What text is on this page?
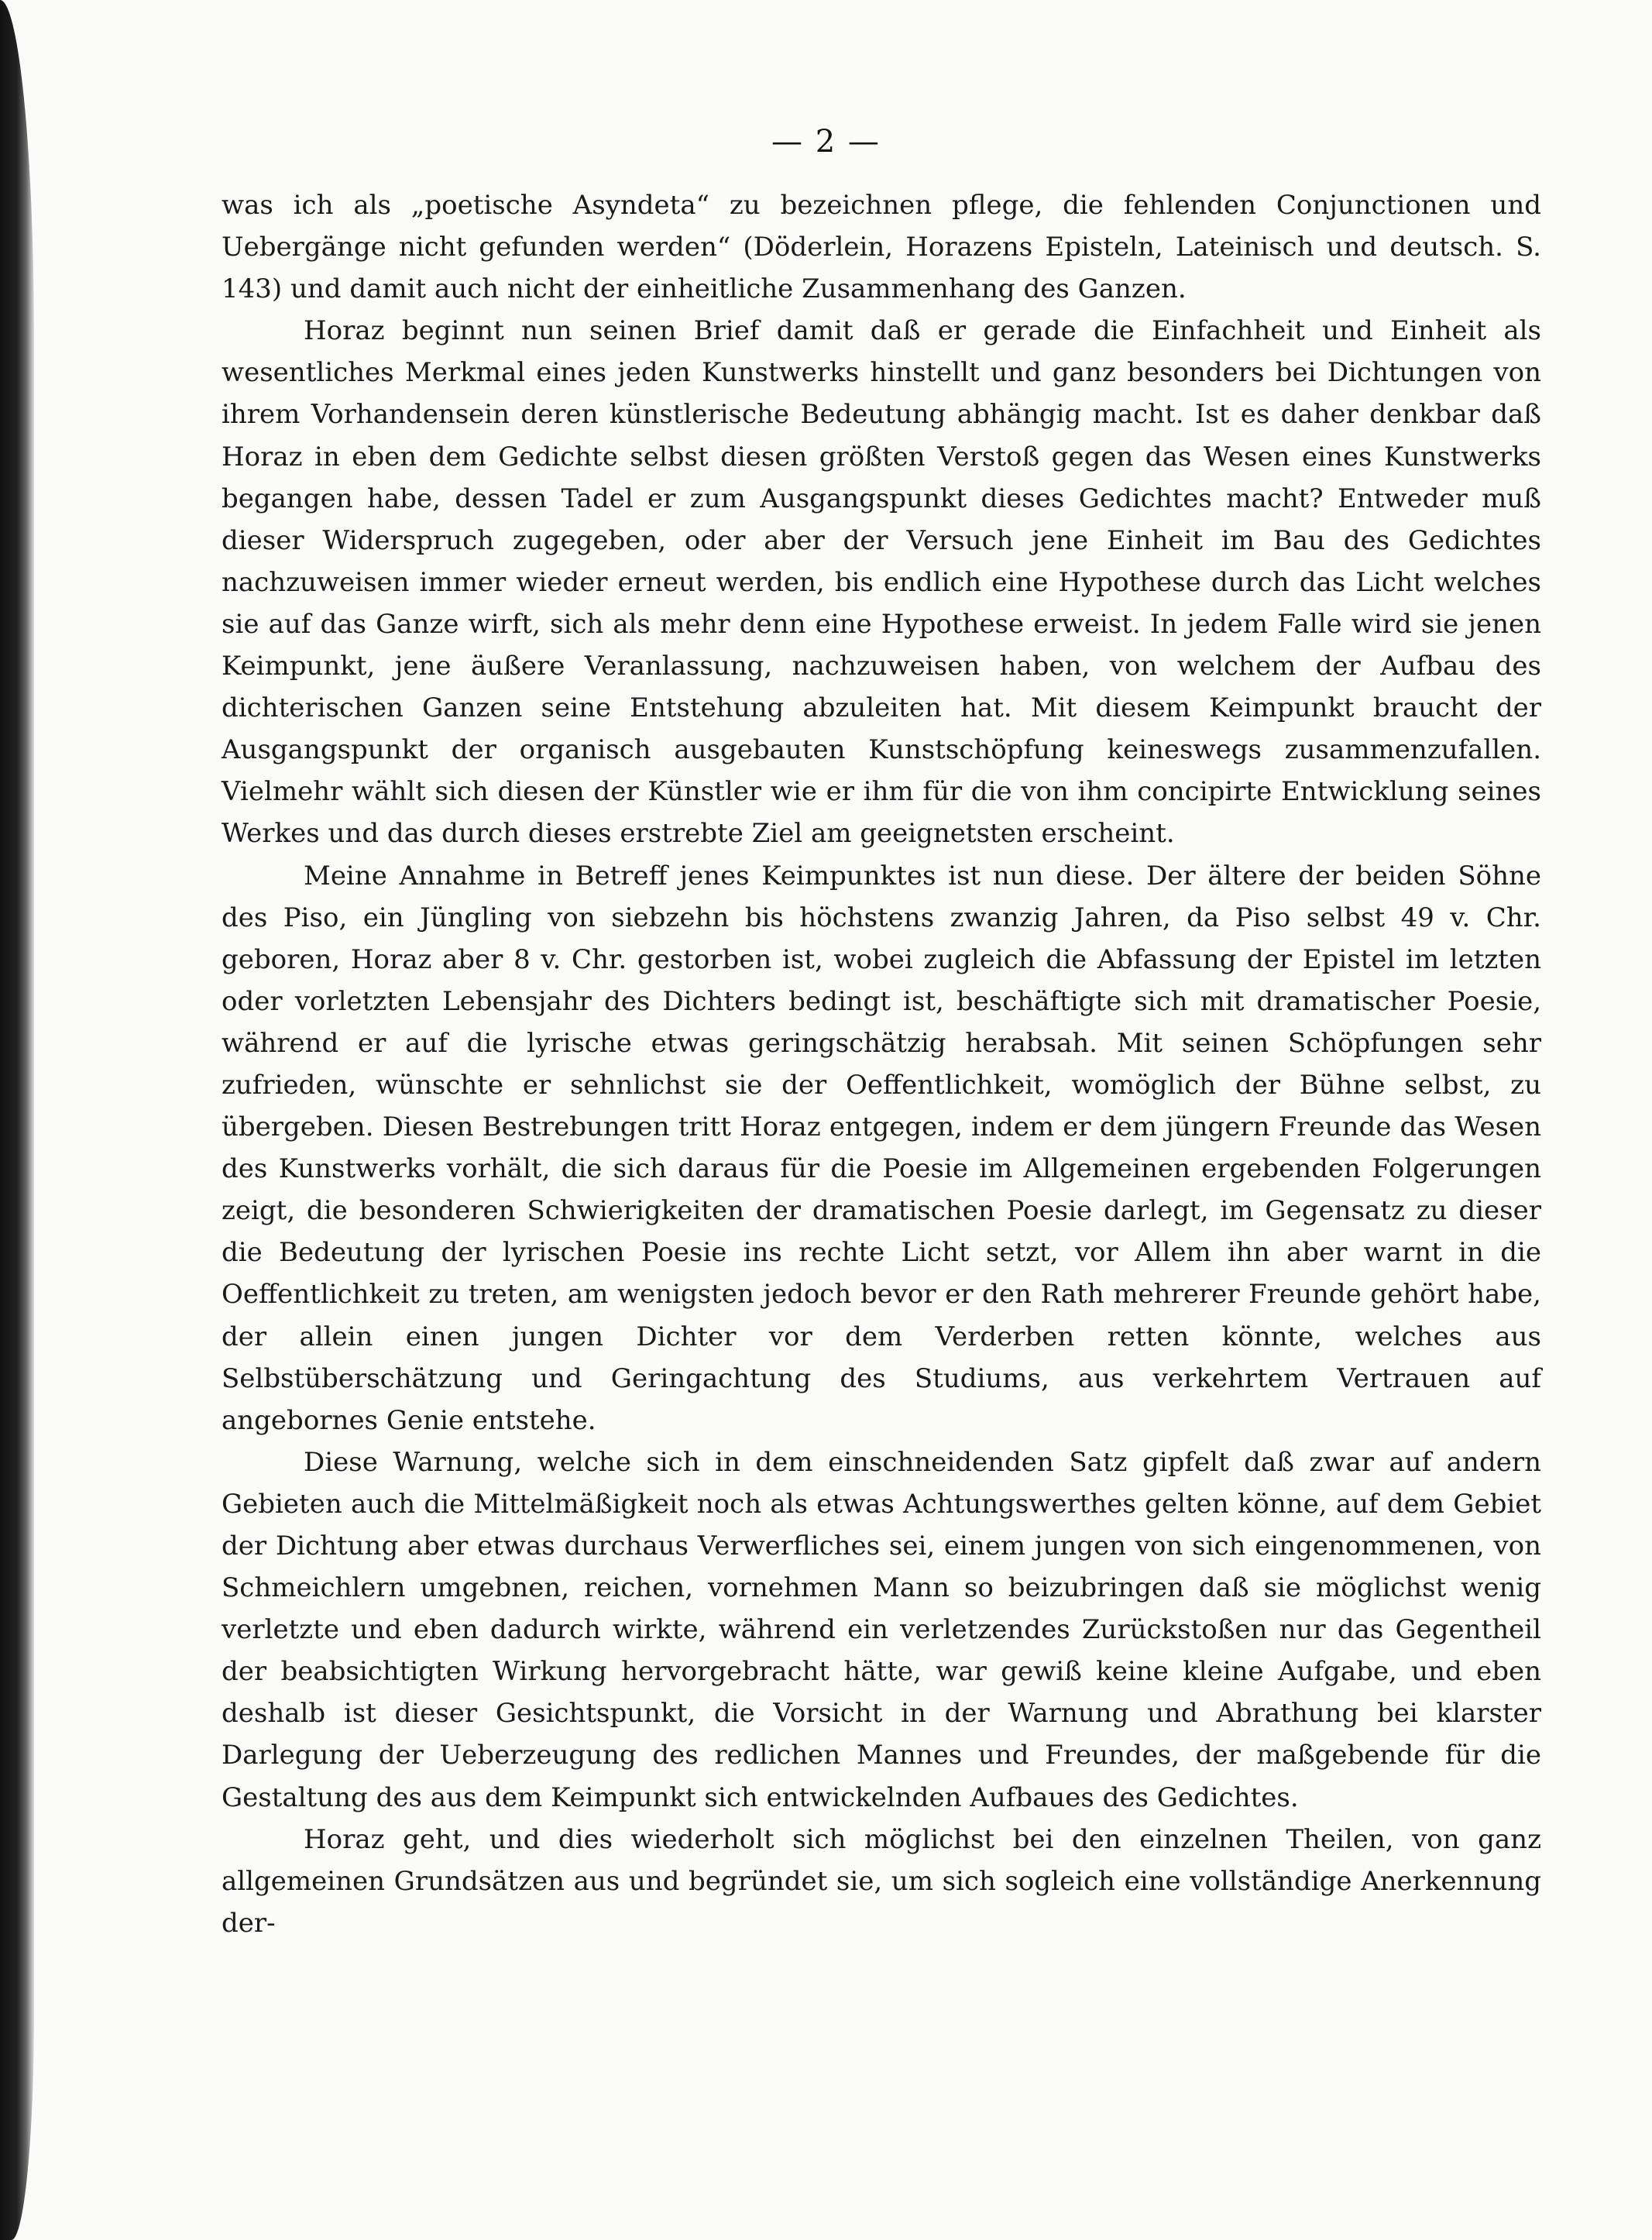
— 2 —

was ich als „poetische Asyndeta“ zu bezeichnen pflege, die fehlenden Conjunctionen und Uebergänge nicht gefunden werden“ (Döderlein, Horazens Episteln, Lateinisch und deutsch. S. 143) und damit auch nicht der einheitliche Zusammenhang des Ganzen.

Horaz beginnt nun seinen Brief damit daß er gerade die Einfachheit und Einheit als wesentliches Merkmal eines jeden Kunstwerks hinstellt und ganz besonders bei Dichtungen von ihrem Vorhandensein deren künstlerische Bedeutung abhängig macht. Ist es daher denkbar daß Horaz in eben dem Gedichte selbst diesen größten Verstoß gegen das Wesen eines Kunstwerks begangen habe, dessen Tadel er zum Ausgangspunkt dieses Gedichtes macht? Entweder muß dieser Widerspruch zugegeben, oder aber der Versuch jene Einheit im Bau des Gedichtes nachzuweisen immer wieder erneut werden, bis endlich eine Hypothese durch das Licht welches sie auf das Ganze wirft, sich als mehr denn eine Hypothese erweist. In jedem Falle wird sie jenen Keimpunkt, jene äußere Veranlassung, nachzuweisen haben, von welchem der Aufbau des dichterischen Ganzen seine Entstehung abzuleiten hat. Mit diesem Keimpunkt braucht der Ausgangspunkt der organisch ausgebauten Kunstschöpfung keineswegs zusammenzufallen. Vielmehr wählt sich diesen der Künstler wie er ihm für die von ihm concipirte Entwicklung seines Werkes und das durch dieses erstrebte Ziel am geeignetsten erscheint.

Meine Annahme in Betreff jenes Keimpunktes ist nun diese. Der ältere der beiden Söhne des Piso, ein Jüngling von siebzehn bis höchstens zwanzig Jahren, da Piso selbst 49 v. Chr. geboren, Horaz aber 8 v. Chr. gestorben ist, wobei zugleich die Abfassung der Epistel im letzten oder vorletzten Lebensjahr des Dichters bedingt ist, beschäftigte sich mit dramatischer Poesie, während er auf die lyrische etwas geringschätzig herabsah. Mit seinen Schöpfungen sehr zufrieden, wünschte er sehnlichst sie der Oeffentlichkeit, womöglich der Bühne selbst, zu übergeben. Diesen Bestrebungen tritt Horaz entgegen, indem er dem jüngern Freunde das Wesen des Kunstwerks vorhält, die sich daraus für die Poesie im Allgemeinen ergebenden Folgerungen zeigt, die besonderen Schwierigkeiten der dramatischen Poesie darlegt, im Gegensatz zu dieser die Bedeutung der lyrischen Poesie ins rechte Licht setzt, vor Allem ihn aber warnt in die Oeffentlichkeit zu treten, am wenigsten jedoch bevor er den Rath mehrerer Freunde gehört habe, der allein einen jungen Dichter vor dem Verderben retten könnte, welches aus Selbstüberschätzung und Geringachtung des Studiums, aus verkehrtem Vertrauen auf angebornes Genie entstehe.

Diese Warnung, welche sich in dem einschneidenden Satz gipfelt daß zwar auf andern Gebieten auch die Mittelmäßigkeit noch als etwas Achtungswerthes gelten könne, auf dem Gebiet der Dichtung aber etwas durchaus Verwerfliches sei, einem jungen von sich eingenommenen, von Schmeichlern umgebnen, reichen, vornehmen Mann so beizubringen daß sie möglichst wenig verletzte und eben dadurch wirkte, während ein verletzendes Zurückstoßen nur das Gegentheil der beabsichtigten Wirkung hervorgebracht hätte, war gewiß keine kleine Aufgabe, und eben deshalb ist dieser Gesichtspunkt, die Vorsicht in der Warnung und Abrathung bei klarster Darlegung der Ueberzeugung des redlichen Mannes und Freundes, der maßgebende für die Gestaltung des aus dem Keimpunkt sich entwickelnden Aufbaues des Gedichtes.

Horaz geht, und dies wiederholt sich möglichst bei den einzelnen Theilen, von ganz allgemeinen Grundsätzen aus und begründet sie, um sich sogleich eine vollständige Anerkennung der-
